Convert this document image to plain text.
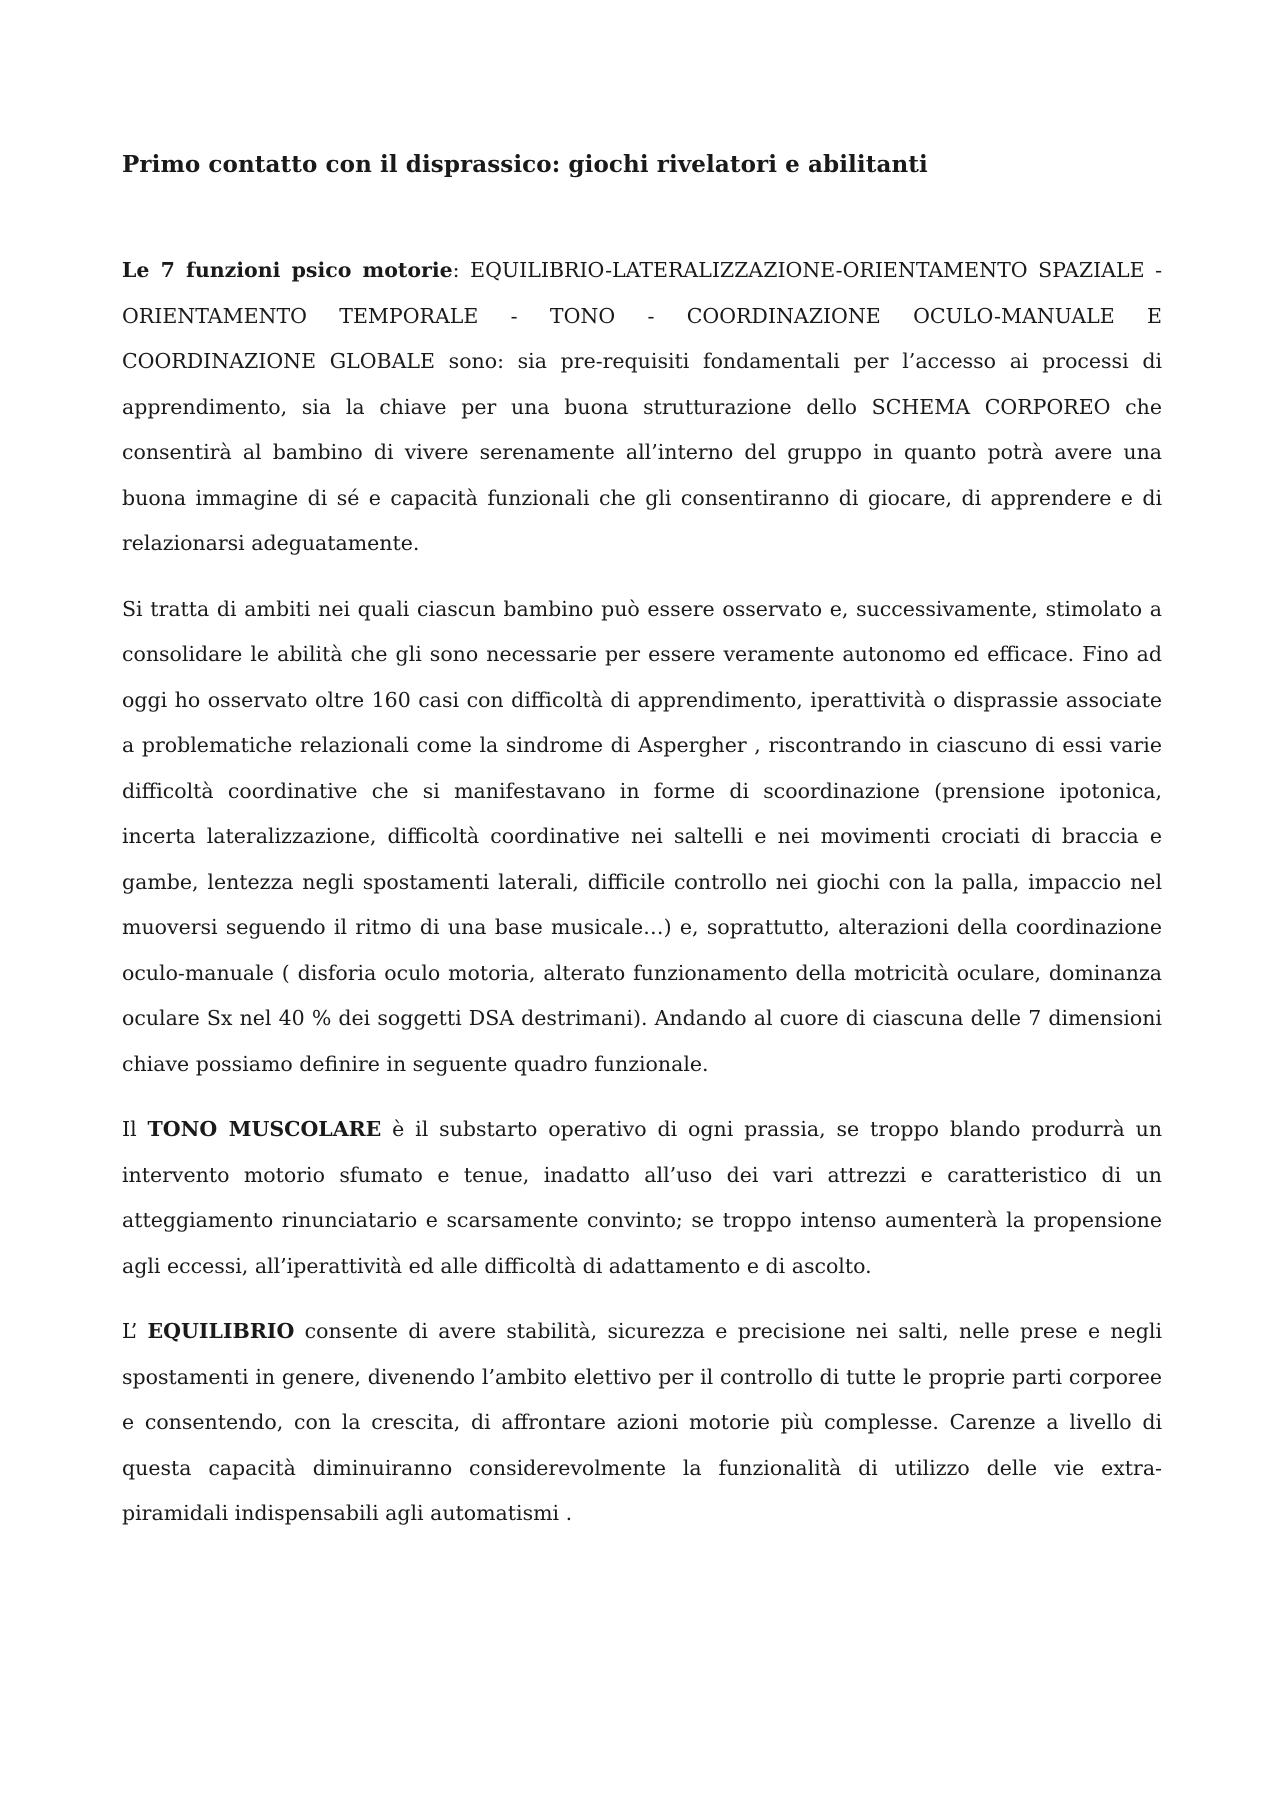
Primo contatto con il disprassico: giochi rivelatori e abilitanti

Le 7 funzioni psico motorie: EQUILIBRIO-LATERALIZZAZIONE-ORIENTAMENTO SPAZIALE - ORIENTAMENTO TEMPORALE - TONO - COORDINAZIONE OCULO-MANUALE E COORDINAZIONE GLOBALE sono: sia pre-requisiti fondamentali per l’accesso ai processi di apprendimento, sia la chiave per una buona strutturazione dello SCHEMA CORPOREO che consentirà al bambino di vivere serenamente all’interno del gruppo in quanto potrà avere una buona immagine di sé e capacità funzionali che gli consentiranno di giocare, di apprendere e di relazionarsi adeguatamente.

Si tratta di ambiti nei quali ciascun bambino può essere osservato e, successivamente, stimolato a consolidare le abilità che gli sono necessarie per essere veramente autonomo ed efficace. Fino ad oggi ho osservato oltre 160 casi con difficoltà di apprendimento, iperattività o disprassie associate a problematiche relazionali come la sindrome di Aspergher , riscontrando in ciascuno di essi varie difficoltà coordinative che si manifestavano in forme di scoordinazione (prensione ipotonica, incerta lateralizzazione, difficoltà coordinative nei saltelli e nei movimenti crociati di braccia e gambe, lentezza negli spostamenti laterali, difficile controllo nei giochi con la palla, impaccio nel muoversi seguendo il ritmo di una base musicale…) e, soprattutto, alterazioni della coordinazione oculo-manuale ( disforia oculo motoria, alterato funzionamento della motricità oculare, dominanza oculare Sx nel 40 % dei soggetti DSA destrimani). Andando al cuore di ciascuna delle 7 dimensioni chiave possiamo definire in seguente quadro funzionale.

Il TONO MUSCOLARE è il substarto operativo di ogni prassia, se troppo blando produrrà un intervento motorio sfumato e tenue, inadatto all’uso dei vari attrezzi e caratteristico di un atteggiamento rinunciatario e scarsamente convinto; se troppo intenso aumenterà la propensione agli eccessi, all’iperattività ed alle difficoltà di adattamento e di ascolto.

L’ EQUILIBRIO consente di avere stabilità, sicurezza e precisione nei salti, nelle prese e negli spostamenti in genere, divenendo l’ambito elettivo per il controllo di tutte le proprie parti corporee e consentendo, con la crescita, di affrontare azioni motorie più complesse. Carenze a livello di questa capacità diminuiranno considerevolmente la funzionalità di utilizzo delle vie extra-piramidali indispensabili agli automatismi .
